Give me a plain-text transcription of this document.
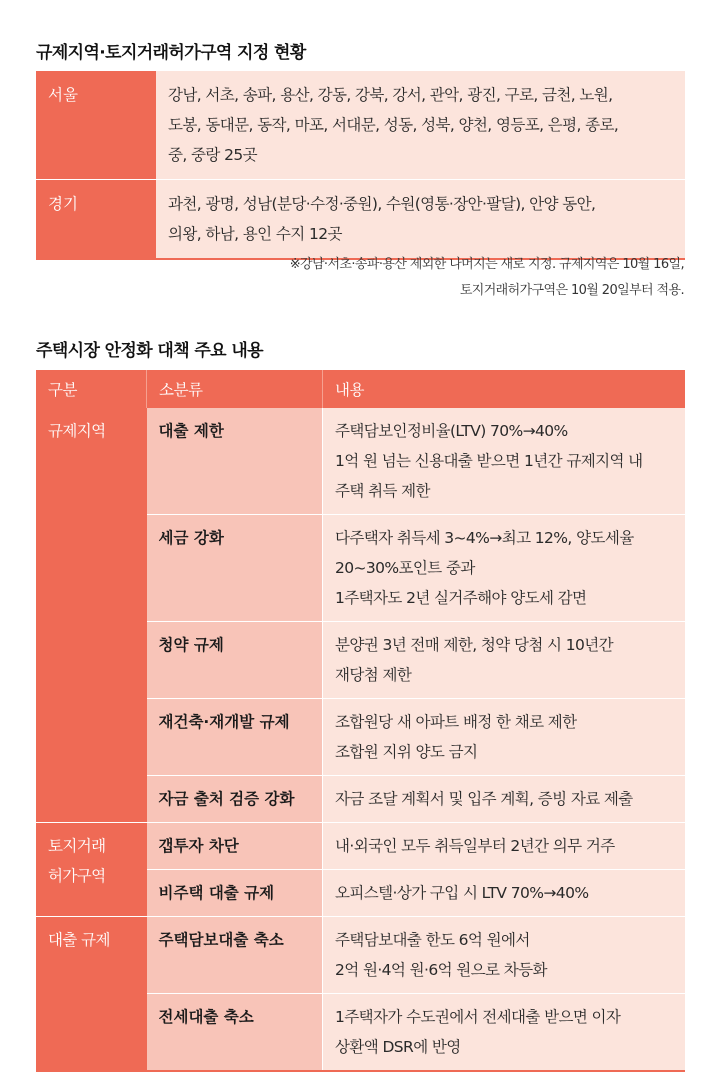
규제지역·토지거래허가구역 지정 현황
서울	강남, 서초, 송파, 용산, 강동, 강북, 강서, 관악, 광진, 구로, 금천, 노원,
도봉, 동대문, 동작, 마포, 서대문, 성동, 성북, 양천, 영등포, 은평, 종로,
중, 중랑 25곳

경기	과천, 광명, 성남(분당·수정·중원), 수원(영통·장안·팔달), 안양 동안,
의왕, 하남, 용인 수지 12곳
※강남·서초·송파·용산 제외한 나머지는 새로 지정. 규제지역은 10월 16일,
토지거래허가구역은 10월 20일부터 적용.
주택시장 안정화 대책 주요 내용
구분	소분류	내용

규제지역	대출 제한	주택담보인정비율(LTV) 70%→40%
1억 원 넘는 신용대출 받으면 1년간 규제지역 내
주택 취득 제한

	세금 강화	다주택자 취득세 3~4%→최고 12%, 양도세율
20~30%포인트 중과
1주택자도 2년 실거주해야 양도세 감면

	청약 규제	분양권 3년 전매 제한, 청약 당첨 시 10년간
재당첨 제한

	재건축·재개발 규제	조합원당 새 아파트 배정 한 채로 제한
조합원 지위 양도 금지

	자금 출처 검증 강화	자금 조달 계획서 및 입주 계획, 증빙 자료 제출

토지거래
허가구역	갭투자 차단	내·외국인 모두 취득일부터 2년간 의무 거주

	비주택 대출 규제	오피스텔·상가 구입 시 LTV 70%→40%

대출 규제	주택담보대출 축소	주택담보대출 한도 6억 원에서
2억 원·4억 원·6억 원으로 차등화

	전세대출 축소	1주택자가 수도권에서 전세대출 받으면 이자
상환액 DSR에 반영
